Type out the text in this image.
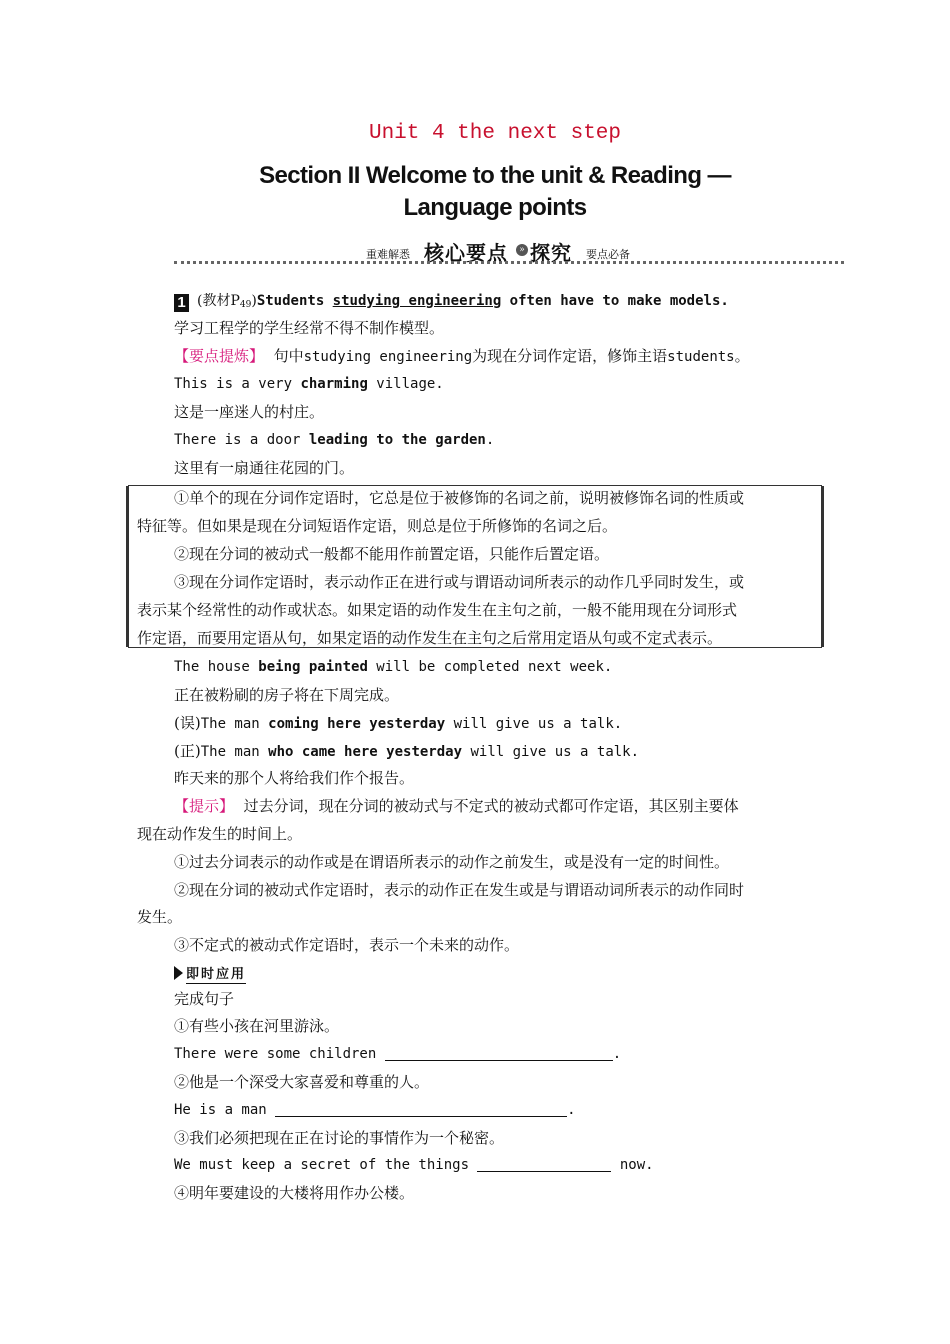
Unit 4 the next step
Section II Welcome to the unit & Reading —
Language points
重难解悉 核心要点	» 探究 要点必备
1 (教材$P_{49})Students$ studying engineering often have to make models.
学习工程学的学生经常不得不制作模型。
【要点提炼】 句中studying engineering为现在分词作定语，修饰主语students。
This is a very charming village.
这是一座迷人的村庄。
There is a door leading to the garden.
这里有一扇通往花园的门。
①单个的现在分词作定语时，它总是位于被修饰的名词之前，说明被修饰名词的性质或
特征等。但如果是现在分词短语作定语，则总是位于所修饰的名词之后。
②现在分词的被动式一般都不能用作前置定语，只能作后置定语。
③现在分词作定语时，表示动作正在进行或与谓语动词所表示的动作几乎同时发生，或
表示某个经常性的动作或状态。如果定语的动作发生在主句之前，一般不能用现在分词形式
作定语，而要用定语从句，如果定语的动作发生在主句之后常用定语从句或不定式表示。
The house being painted will be completed next week.
正在被粉刷的房子将在下周完成。
(误)The man coming here yesterday will give us a talk.
(正)The man who came here yesterday will give us a talk.
昨天来的那个人将给我们作个报告。
【提示】 过去分词，现在分词的被动式与不定式的被动式都可作定语，其区别主要体
现在动作发生的时间上。
①过去分词表示的动作或是在谓语所表示的动作之前发生，或是没有一定的时间性。
②现在分词的被动式作定语时，表示的动作正在发生或是与谓语动词所表示的动作同时
发生。
③不定式的被动式作定语时，表示一个未来的动作。
即时应用
完成句子
①有些小孩在河里游泳。
There were some children	.
②他是一个深受大家喜爱和尊重的人。
He is a man	.
③我们必须把现在正在讨论的事情作为一个秘密。
We must keep a secret of the things	now.
④明年要建设的大楼将用作办公楼。
